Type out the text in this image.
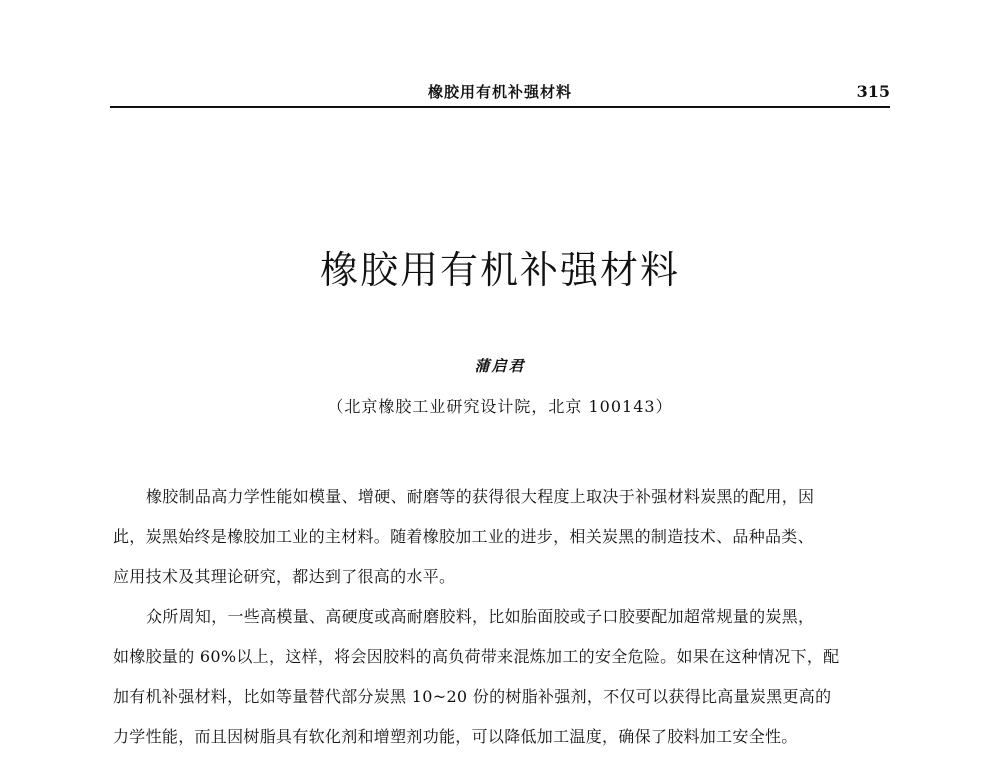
橡胶用有机补强材料	315
橡胶用有机补强材料
蒲启君
（北京橡胶工业研究设计院，北京 100143）

橡胶制品高力学性能如模量、增硬、耐磨等的获得很大程度上取决于补强材料炭黑的配用，因
此，炭黑始终是橡胶加工业的主材料。随着橡胶加工业的进步，相关炭黑的制造技术、品种品类、
应用技术及其理论研究，都达到了很高的水平。

众所周知，一些高模量、高硬度或高耐磨胶料，比如胎面胶或子口胶要配加超常规量的炭黑，
如橡胶量的 60%以上，这样，将会因胶料的高负荷带来混炼加工的安全危险。如果在这种情况下，配
加有机补强材料，比如等量替代部分炭黑 10~20 份的树脂补强剂，不仅可以获得比高量炭黑更高的
力学性能，而且因树脂具有软化剂和增塑剂功能，可以降低加工温度，确保了胶料加工安全性。
